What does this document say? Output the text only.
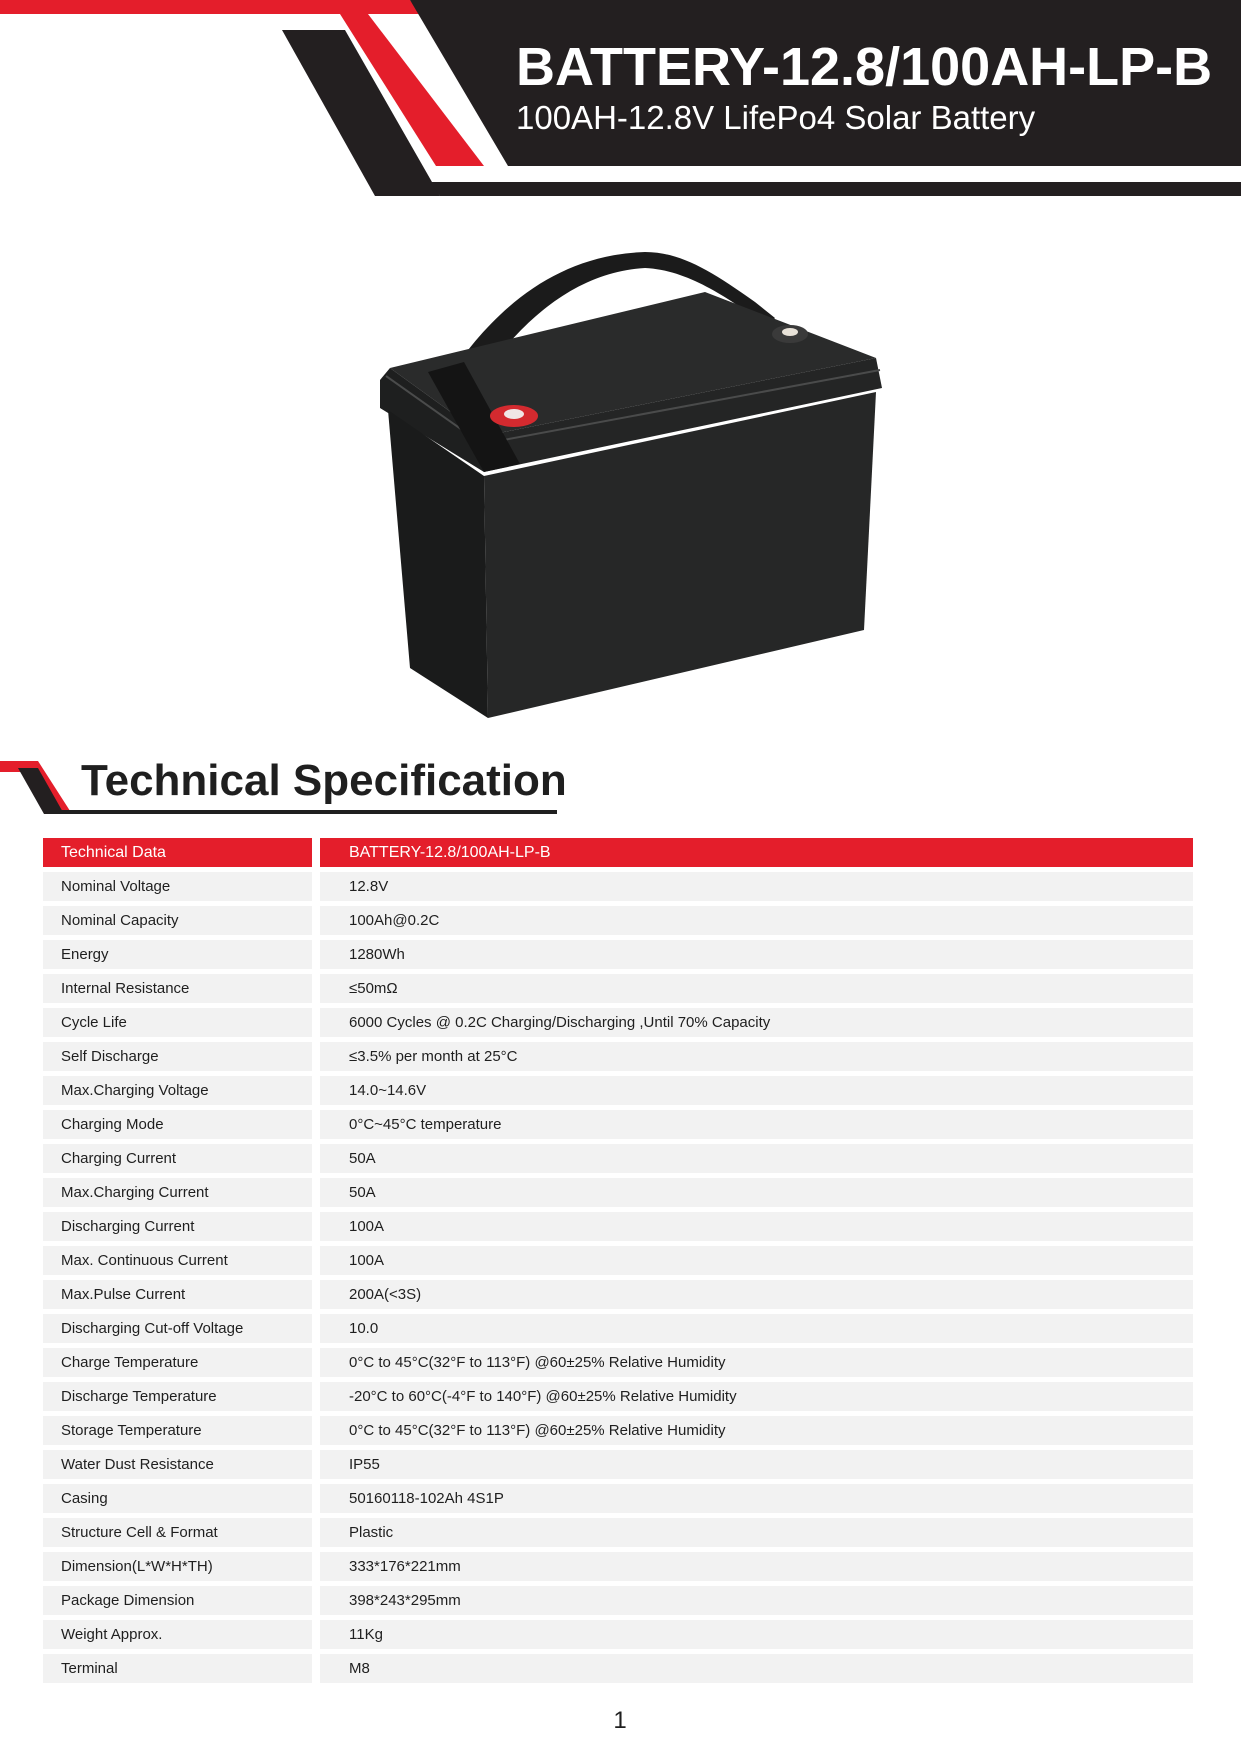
BATTERY-12.8/100AH-LP-B

100AH-12.8V LifePo4 Solar Battery

Technical Specification
Technical Data	BATTERY-12.8/100AH-LP-B
Nominal Voltage	12.8V
Nominal Capacity	100Ah@0.2C
Energy	1280Wh
Internal Resistance	≤50mΩ
Cycle Life	6000 Cycles @ 0.2C Charging/Discharging ,Until 70% Capacity
Self Discharge	≤3.5% per month at 25°C
Max.Charging Voltage	14.0~14.6V
Charging Mode	0°C~45°C temperature
Charging Current	50A
Max.Charging Current	50A
Discharging Current	100A
Max. Continuous Current	100A
Max.Pulse Current	200A(<3S)
Discharging Cut-off Voltage	10.0
Charge Temperature	0°C to 45°C(32°F to 113°F) @60±25% Relative Humidity
Discharge Temperature	-20°C to 60°C(-4°F to 140°F) @60±25% Relative Humidity
Storage Temperature	0°C to 45°C(32°F to 113°F) @60±25% Relative Humidity
Water Dust Resistance	IP55
Casing	50160118-102Ah 4S1P
Structure Cell & Format	Plastic
Dimension(L*W*H*TH)	333*176*221mm
Package Dimension	398*243*295mm
Weight Approx.	11Kg
Terminal	M8
1
